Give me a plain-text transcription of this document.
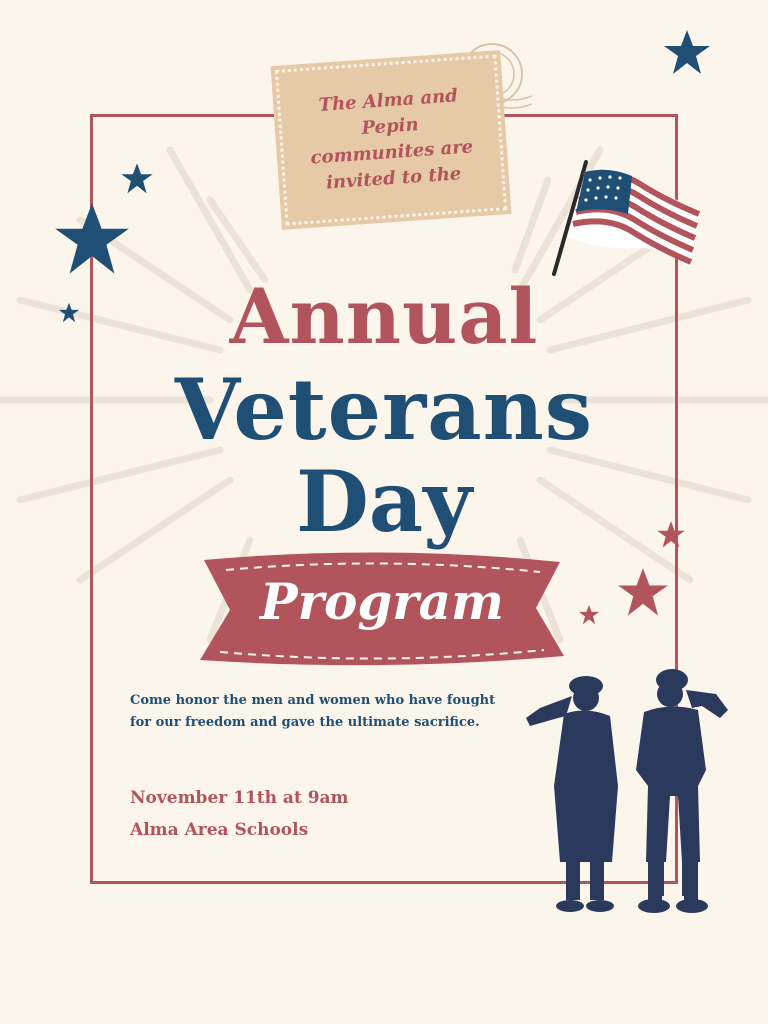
The Alma and
Pepin
communites are
invited to the
Annual
Veterans
Day
Program
Come honor the men and women who have fought
for our freedom and gave the ultimate sacrifice.
November 11th at 9am
Alma Area Schools
